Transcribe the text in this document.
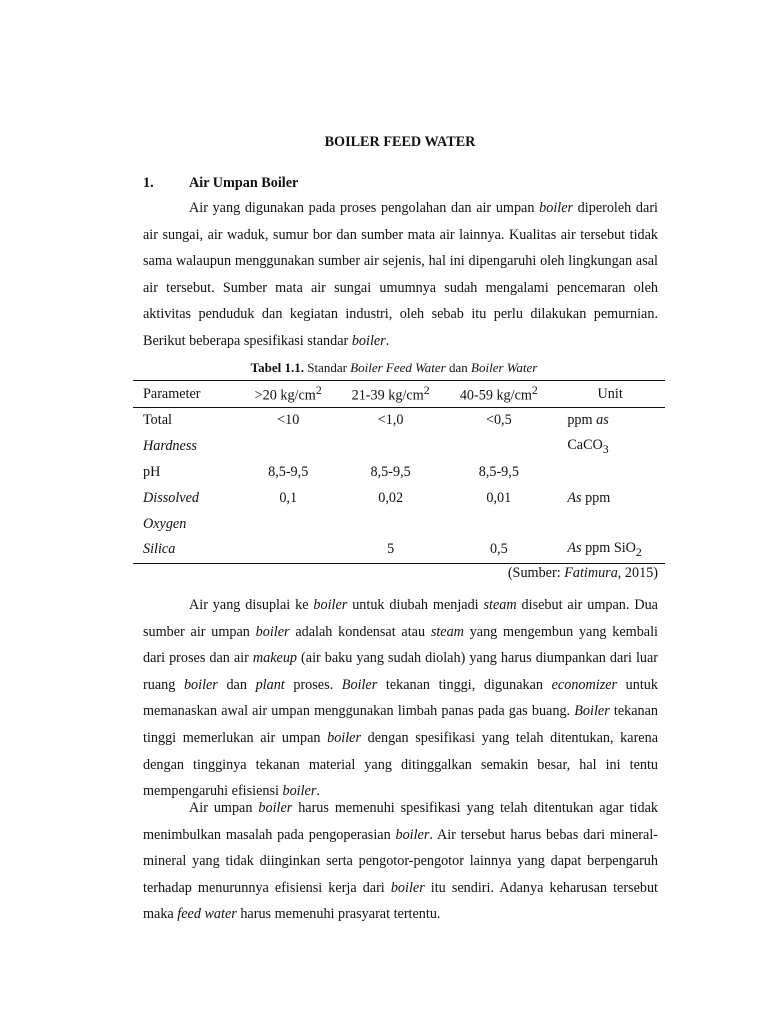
BOILER FEED WATER
1. Air Umpan Boiler

Air yang digunakan pada proses pengolahan dan air umpan boiler diperoleh dari air sungai, air waduk, sumur bor dan sumber mata air lainnya. Kualitas air tersebut tidak sama walaupun menggunakan sumber air sejenis, hal ini dipengaruhi oleh lingkungan asal air tersebut. Sumber mata air sungai umumnya sudah mengalami pencemaran oleh aktivitas penduduk dan kegiatan industri, oleh sebab itu perlu dilakukan pemurnian. Berikut beberapa spesifikasi standar boiler.

Tabel 1.1. Standar Boiler Feed Water dan Boiler Water
Parameter	>20 $kg/cm^2$	21-39 $kg/cm^2$	40-59 $kg/cm^2$	Unit
Total	<10	<1,0	<0,5	ppm as
Hardness				CaCO$_3$
pH	8,5-9,5	8,5-9,5	8,5-9,5	
Dissolved	0,1	0,02	0,01	As ppm
Oxygen				
Silica		5	0,5	As ppm SiO$_2$
(Sumber: Fatimura, 2015)

Air yang disuplai ke boiler untuk diubah menjadi steam disebut air umpan. Dua sumber air umpan boiler adalah kondensat atau steam yang mengembun yang kembali dari proses dan air makeup (air baku yang sudah diolah) yang harus diumpankan dari luar ruang boiler dan plant proses. Boiler tekanan tinggi, digunakan economizer untuk memanaskan awal air umpan menggunakan limbah panas pada gas buang. Boiler tekanan tinggi memerlukan air umpan boiler dengan spesifikasi yang telah ditentukan, karena dengan tingginya tekanan material yang ditinggalkan semakin besar, hal ini tentu mempengaruhi efisiensi boiler.

Air umpan boiler harus memenuhi spesifikasi yang telah ditentukan agar tidak menimbulkan masalah pada pengoperasian boiler. Air tersebut harus bebas dari mineral-mineral yang tidak diinginkan serta pengotor-pengotor lainnya yang dapat berpengaruh terhadap menurunnya efisiensi kerja dari boiler itu sendiri. Adanya keharusan tersebut maka feed water harus memenuhi prasyarat tertentu.
